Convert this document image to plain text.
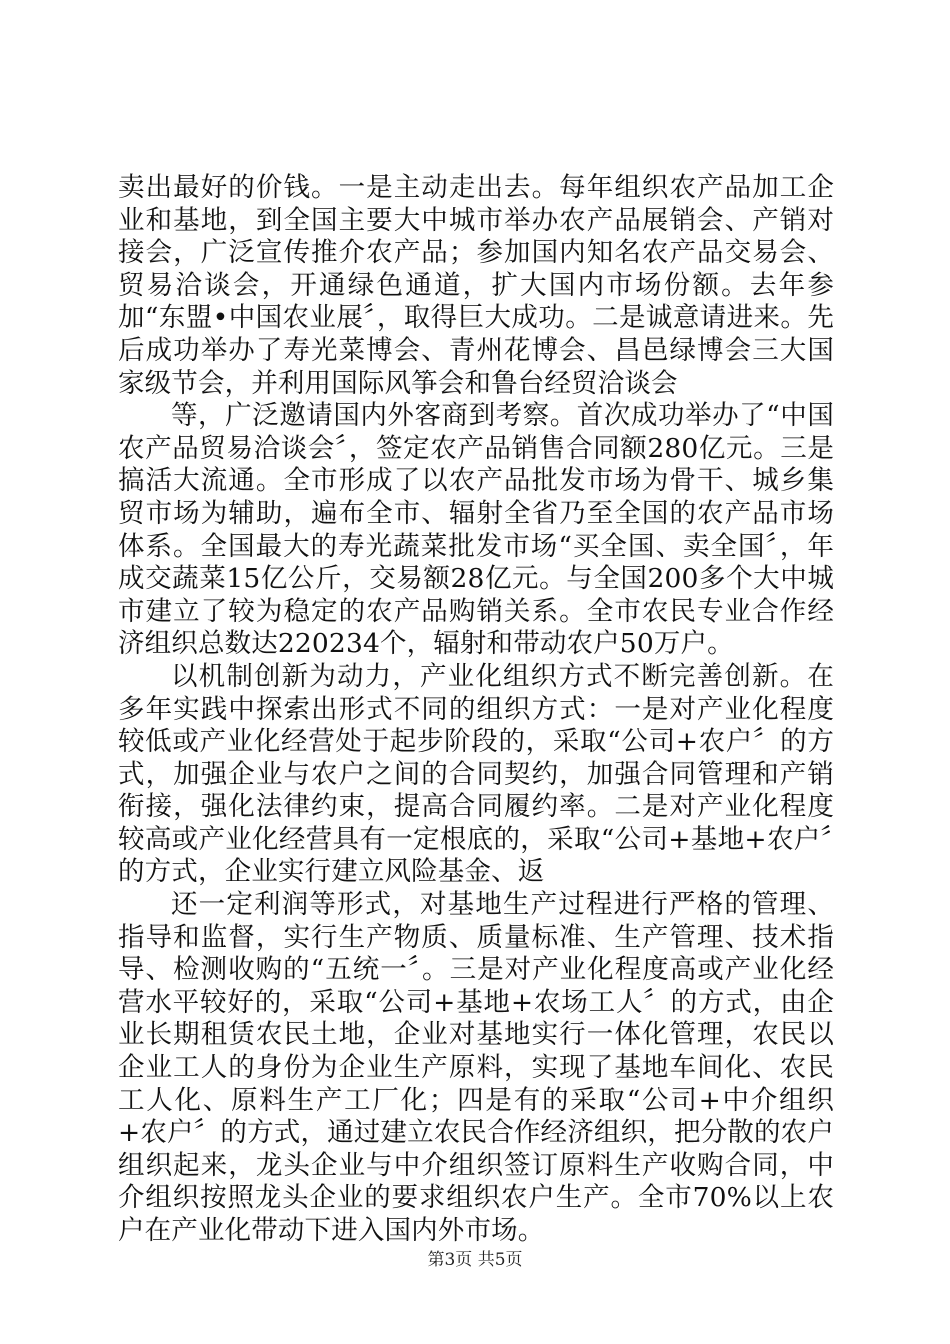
卖出最好的价钱。一是主动走出去。每年组织农产品加工企业和基地，到全国主要大中城市举办农产品展销会、产销对接会，广泛宣传推介农产品；参加国内知名农产品交易会、贸易洽谈会，开通绿色通道，扩大国内市场份额。去年参加“东盟•中国农业展〞，取得巨大成功。二是诚意请进来。先后成功举办了寿光菜博会、青州花博会、昌邑绿博会三大国家级节会，并利用国际风筝会和鲁台经贸洽谈会

等，广泛邀请国内外客商到考察。首次成功举办了“中国农产品贸易洽谈会〞，签定农产品销售合同额280亿元。三是搞活大流通。全市形成了以农产品批发市场为骨干、城乡集贸市场为辅助，遍布全市、辐射全省乃至全国的农产品市场体系。全国最大的寿光蔬菜批发市场“买全国、卖全国〞，年成交蔬菜15亿公斤，交易额28亿元。与全国200多个大中城市建立了较为稳定的农产品购销关系。全市农民专业合作经济组织总数达220234个，辐射和带动农户50万户。

以机制创新为动力，产业化组织方式不断完善创新。在多年实践中探索出形式不同的组织方式：一是对产业化程度较低或产业化经营处于起步阶段的，采取“公司+农户〞的方式，加强企业与农户之间的合同契约，加强合同管理和产销衔接，强化法律约束，提高合同履约率。二是对产业化程度较高或产业化经营具有一定根底的，采取“公司+基地+农户〞的方式，企业实行建立风险基金、返

还一定利润等形式，对基地生产过程进行严格的管理、指导和监督，实行生产物质、质量标准、生产管理、技术指导、检测收购的“五统一〞。三是对产业化程度高或产业化经营水平较好的，采取“公司+基地+农场工人〞的方式，由企业长期租赁农民土地，企业对基地实行一体化管理，农民以企业工人的身份为企业生产原料，实现了基地车间化、农民工人化、原料生产工厂化；四是有的采取“公司+中介组织+农户〞的方式，通过建立农民合作经济组织，把分散的农户组织起来，龙头企业与中介组织签订原料生产收购合同，中介组织按照龙头企业的要求组织农户生产。全市70%以上农户在产业化带动下进入国内外市场。

第3页 共5页
